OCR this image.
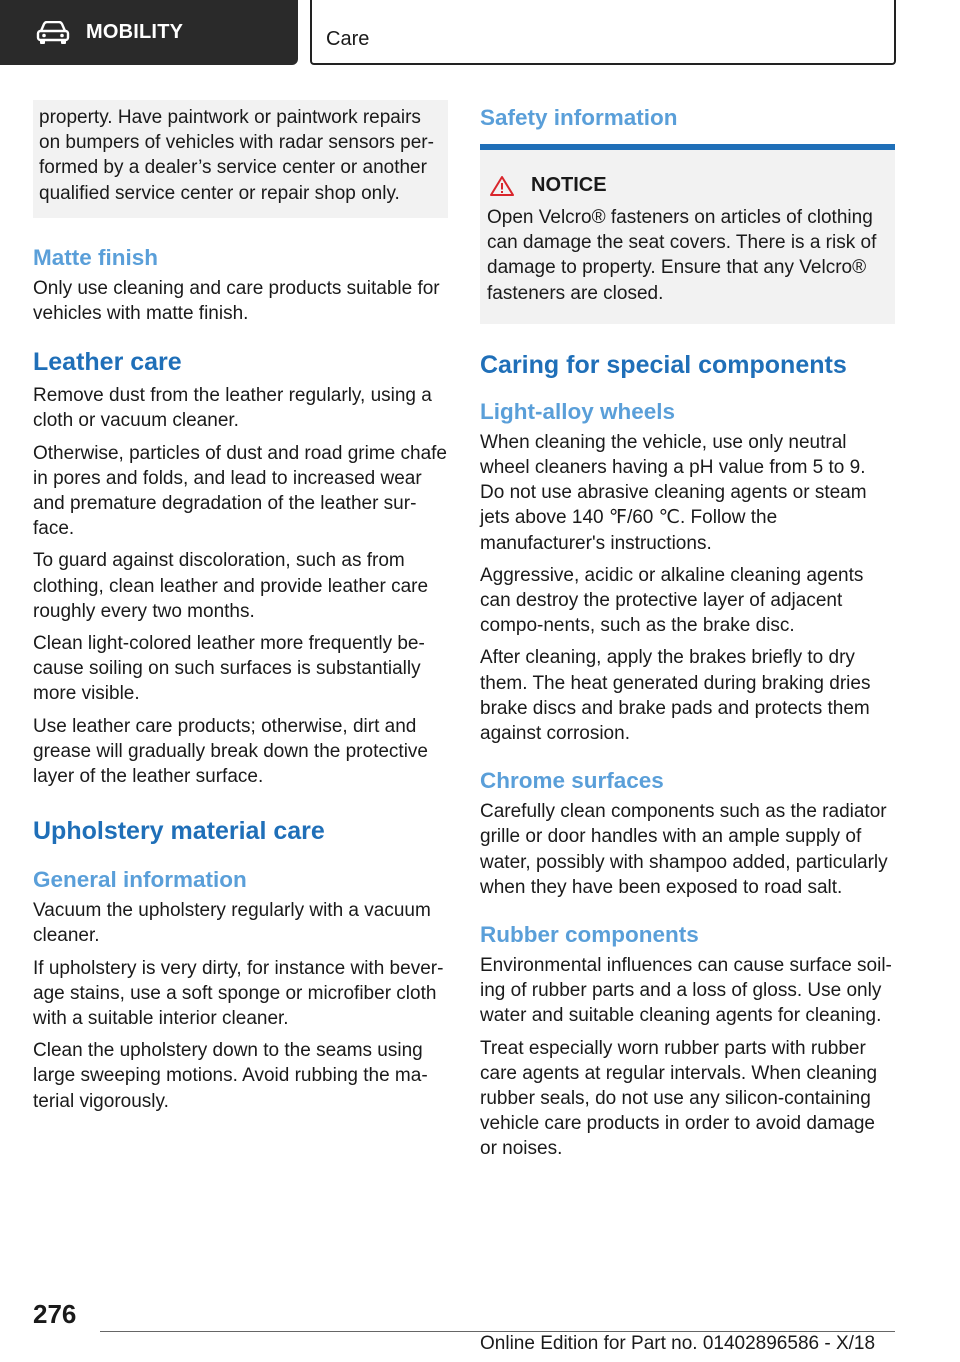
MOBILITY	Care

property. Have paintwork or paintwork repairs on bumpers of vehicles with radar sensors per-formed by a dealer’s service center or another qualified service center or repair shop only.

Matte finish

Only use cleaning and care products suitable for vehicles with matte finish.

Leather care

Remove dust from the leather regularly, using a cloth or vacuum cleaner.

Otherwise, particles of dust and road grime chafe in pores and folds, and lead to increased wear and premature degradation of the leather sur-face.

To guard against discoloration, such as from clothing, clean leather and provide leather care roughly every two months.

Clean light-colored leather more frequently be-cause soiling on such surfaces is substantially more visible.

Use leather care products; otherwise, dirt and grease will gradually break down the protective layer of the leather surface.

Upholstery material care
General information

Vacuum the upholstery regularly with a vacuum cleaner.

If upholstery is very dirty, for instance with bever-age stains, use a soft sponge or microfiber cloth with a suitable interior cleaner.

Clean the upholstery down to the seams using large sweeping motions. Avoid rubbing the ma-terial vigorously.

Safety information
NOTICE

Open Velcro® fasteners on articles of clothing can damage the seat covers. There is a risk of damage to property. Ensure that any Velcro® fasteners are closed.

Caring for special components
Light-alloy wheels

When cleaning the vehicle, use only neutral wheel cleaners having a pH value from 5 to 9. Do not use abrasive cleaning agents or steam jets above 140 ℉/60 ℃. Follow the manufacturer's instructions.

Aggressive, acidic or alkaline cleaning agents can destroy the protective layer of adjacent compo-nents, such as the brake disc.

After cleaning, apply the brakes briefly to dry them. The heat generated during braking dries brake discs and brake pads and protects them against corrosion.

Chrome surfaces

Carefully clean components such as the radiator grille or door handles with an ample supply of water, possibly with shampoo added, particularly when they have been exposed to road salt.

Rubber components

Environmental influences can cause surface soil-ing of rubber parts and a loss of gloss. Use only water and suitable cleaning agents for cleaning.

Treat especially worn rubber parts with rubber care agents at regular intervals. When cleaning rubber seals, do not use any silicon-containing vehicle care products in order to avoid damage or noises.

276
Online Edition for Part no. 01402896586 - X/18
